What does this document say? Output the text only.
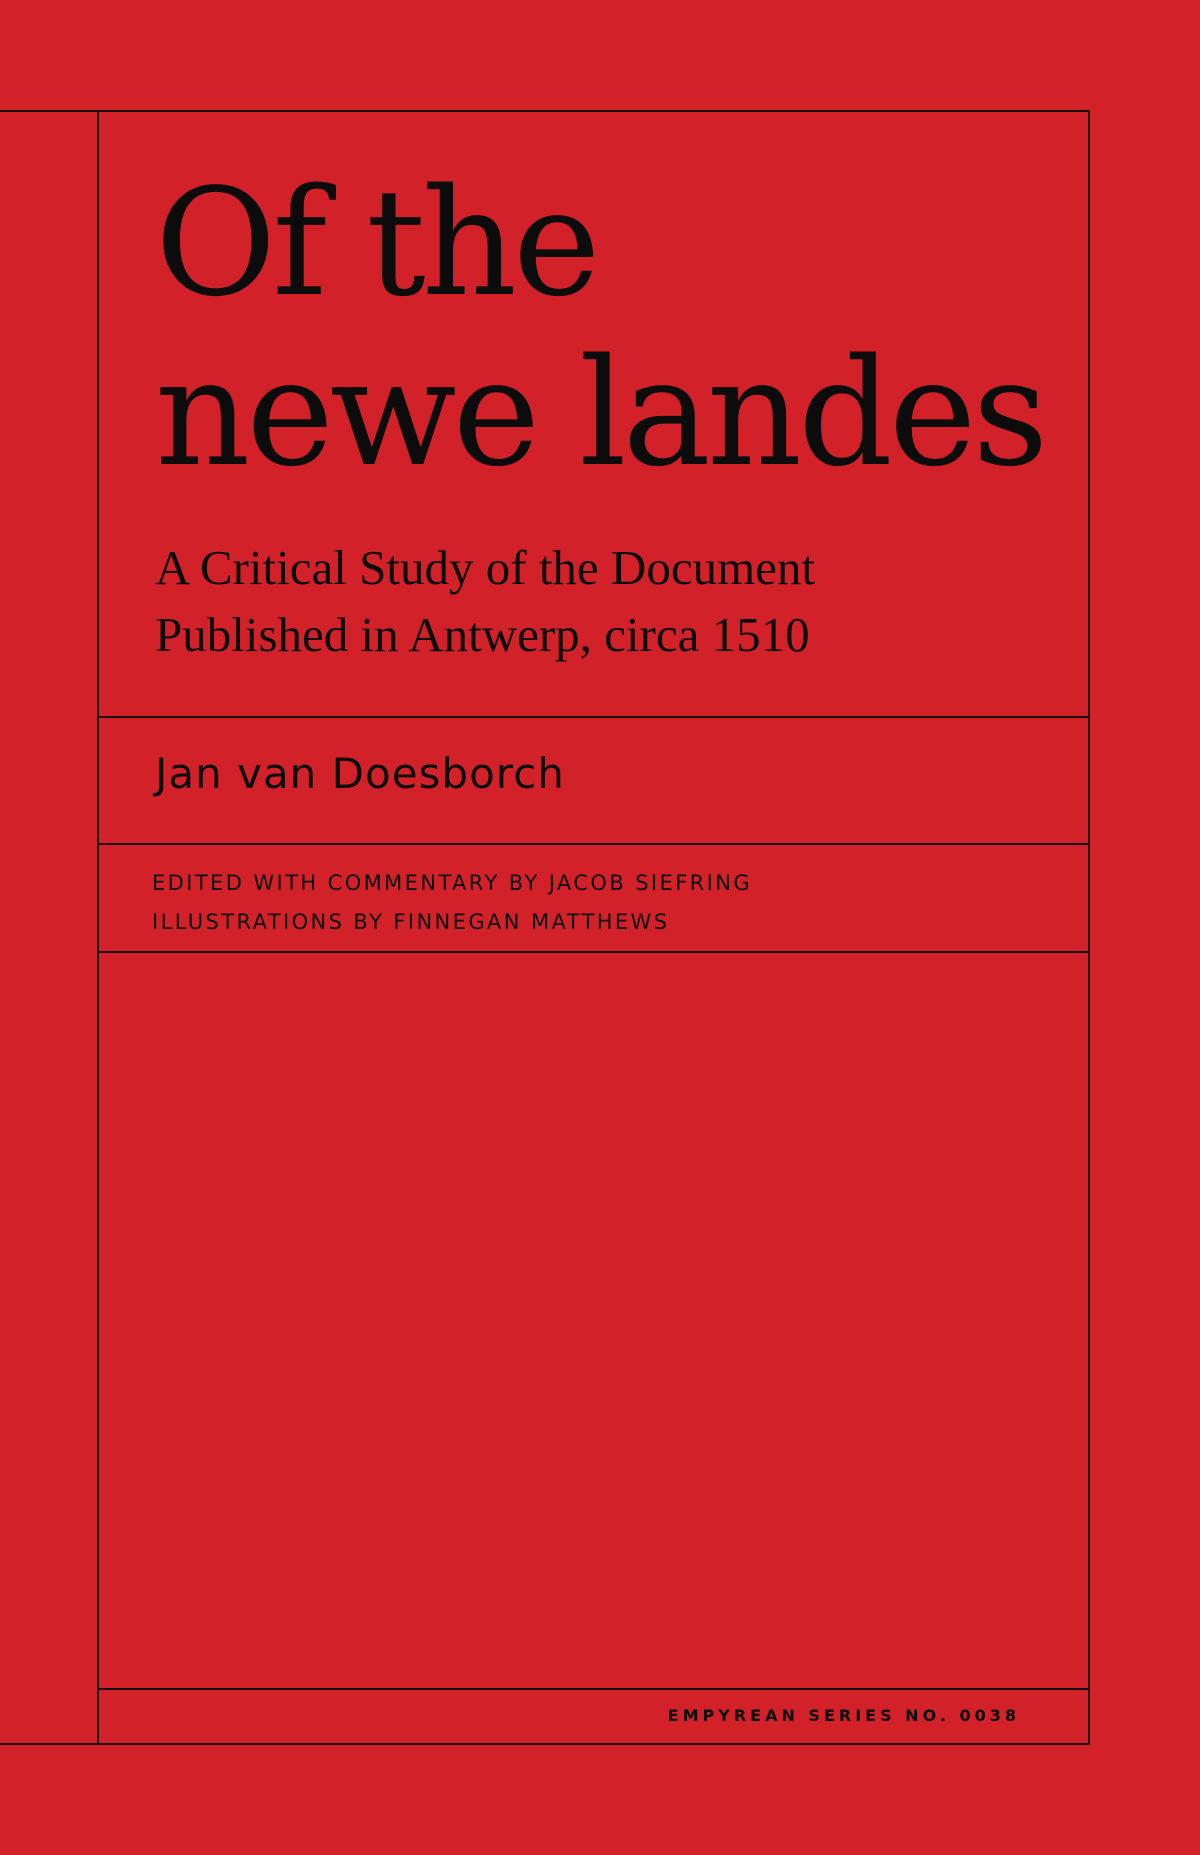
Of the
newe landes
A Critical Study of the Document
Published in Antwerp, circa 1510
Jan van Doesborch
EDITED WITH COMMENTARY BY JACOB SIEFRING
ILLUSTRATIONS BY FINNEGAN MATTHEWS
EMPYREAN SERIES NO. 0038
